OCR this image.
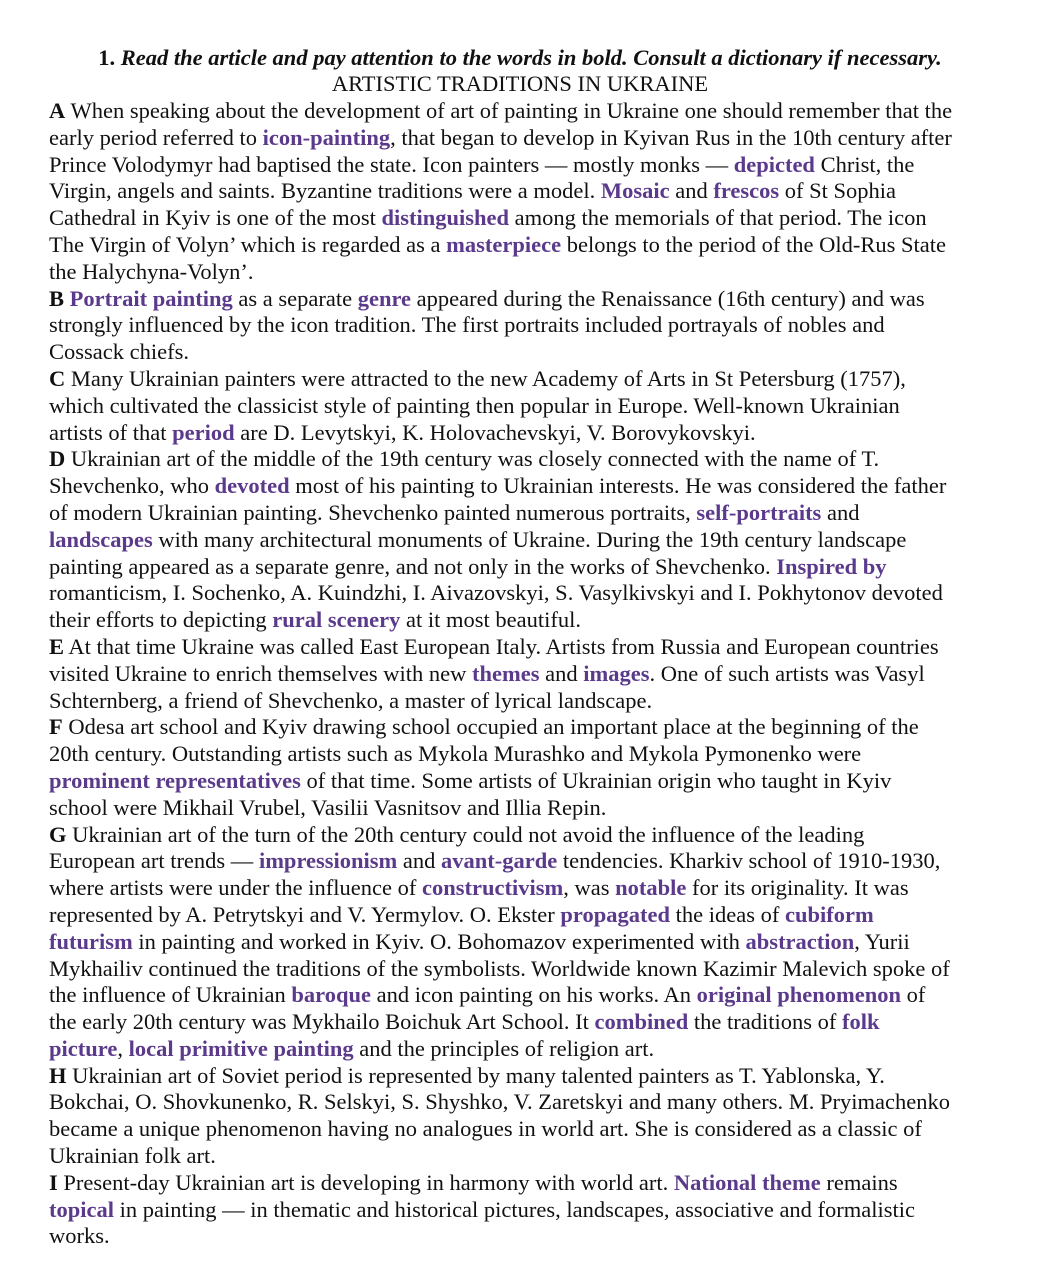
1. Read the article and pay attention to the words in bold. Consult a dictionary if necessary.
ARTISTIC TRADITIONS IN UKRAINE
A When speaking about the development of art of painting in Ukraine one should remember that the
early period referred to icon-painting, that began to develop in Kyivan Rus in the 10th century after
Prince Volodymyr had baptised the state. Icon painters — mostly monks — depicted Christ, the
Virgin, angels and saints. Byzantine traditions were a model. Mosaic and frescos of St Sophia
Cathedral in Kyiv is one of the most distinguished among the memorials of that period. The icon
The Virgin of Volyn’ which is regarded as a masterpiece belongs to the period of the Old-Rus State
the Halychyna-Volyn’.
B Portrait painting as a separate genre appeared during the Renaissance (16th century) and was
strongly influenced by the icon tradition. The first portraits included portrayals of nobles and
Cossack chiefs.
C Many Ukrainian painters were attracted to the new Academy of Arts in St Petersburg (1757),
which cultivated the classicist style of painting then popular in Europe. Well-known Ukrainian
artists of that period are D. Levytskyi, K. Holovachevskyi, V. Borovykovskyi.
D Ukrainian art of the middle of the 19th century was closely connected with the name of T.
Shevchenko, who devoted most of his painting to Ukrainian interests. He was considered the father
of modern Ukrainian painting. Shevchenko painted numerous portraits, self-portraits and
landscapes with many architectural monuments of Ukraine. During the 19th century landscape
painting appeared as a separate genre, and not only in the works of Shevchenko. Inspired by
romanticism, I. Sochenko, A. Kuindzhi, I. Aivazovskyi, S. Vasylkivskyi and I. Pokhytonov devoted
their efforts to depicting rural scenery at it most beautiful.
E At that time Ukraine was called East European Italy. Artists from Russia and European countries
visited Ukraine to enrich themselves with new themes and images. One of such artists was Vasyl
Schternberg, a friend of Shevchenko, a master of lyrical landscape.
F Odesa art school and Kyiv drawing school occupied an important place at the beginning of the
20th century. Outstanding artists such as Mykola Murashko and Mykola Pymonenko were
prominent representatives of that time. Some artists of Ukrainian origin who taught in Kyiv
school were Mikhail Vrubel, Vasilii Vasnitsov and Illia Repin.
G Ukrainian art of the turn of the 20th century could not avoid the influence of the leading
European art trends — impressionism and avant-garde tendencies. Kharkiv school of 1910-1930,
where artists were under the influence of constructivism, was notable for its originality. It was
represented by A. Petrytskyi and V. Yermylov. O. Ekster propagated the ideas of cubiform
futurism in painting and worked in Kyiv. O. Bohomazov experimented with abstraction, Yurii
Mykhailiv continued the traditions of the symbolists. Worldwide known Kazimir Malevich spoke of
the influence of Ukrainian baroque and icon painting on his works. An original phenomenon of
the early 20th century was Mykhailo Boichuk Art School. It combined the traditions of folk
picture, local primitive painting and the principles of religion art.
H Ukrainian art of Soviet period is represented by many talented painters as T. Yablonska, Y.
Bokchai, O. Shovkunenko, R. Selskyi, S. Shyshko, V. Zaretskyi and many others. M. Pryimachenko
became a unique phenomenon having no analogues in world art. She is considered as a classic of
Ukrainian folk art.
I Present-day Ukrainian art is developing in harmony with world art. National theme remains
topical in painting — in thematic and historical pictures, landscapes, associative and formalistic
works.
